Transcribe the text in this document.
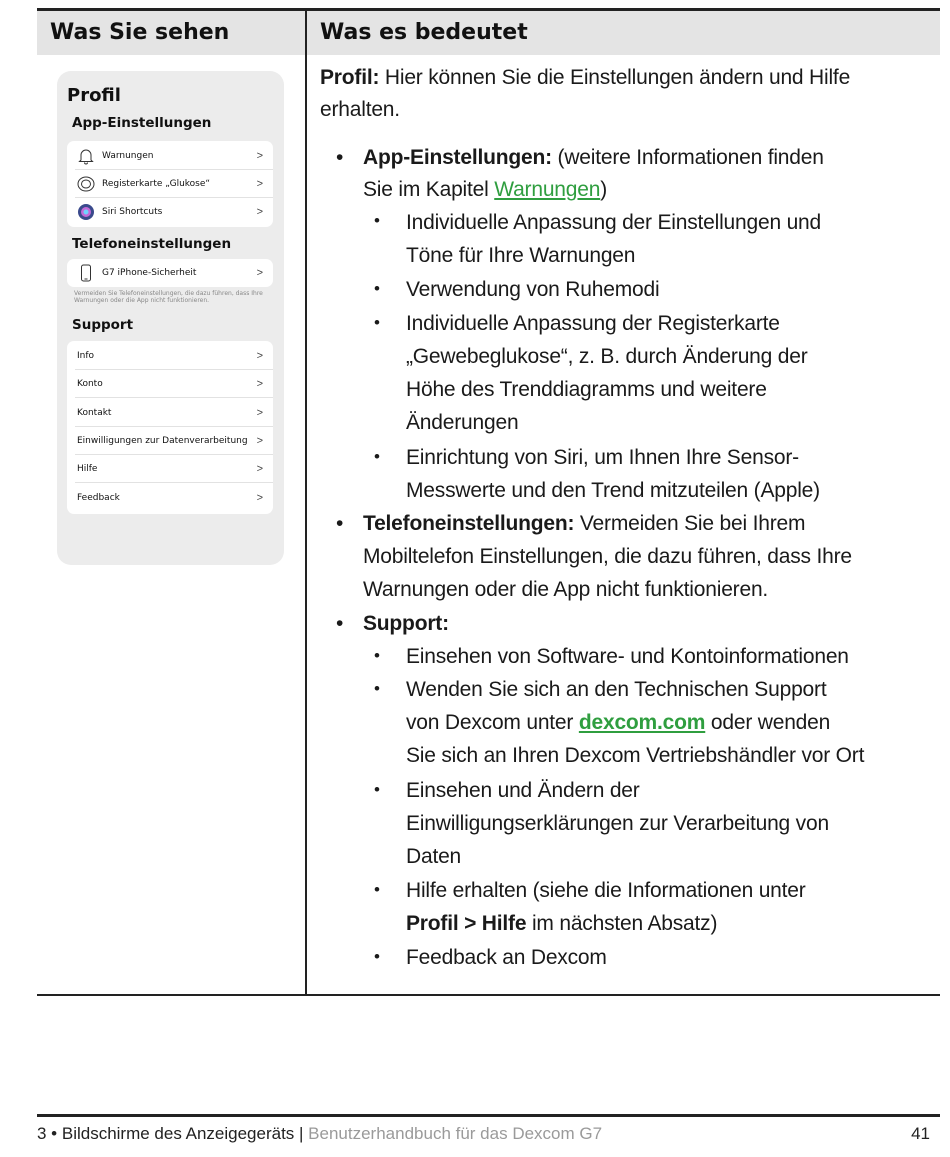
Was Sie sehen	Was es bedeutet
Profil
App-Einstellungen
Warnungen	>
Registerkarte „Glukose“	>
Siri Shortcuts	>
Telefoneinstellungen
G7 iPhone-Sicherheit	>
Vermeiden Sie Telefoneinstellungen, die dazu führen, dass Ihre Warnungen oder die App nicht funktionieren.
Support
Info	>
Konto	>
Kontakt	>
Einwilligungen zur Datenverarbeitung >
Hilfe	>
Feedback	>
Profil: Hier können Sie die Einstellungen ändern und Hilfe
erhalten.
• App-Einstellungen: (weitere Informationen finden
Sie im Kapitel Warnungen)
• Individuelle Anpassung der Einstellungen und
Töne für Ihre Warnungen
• Verwendung von Ruhemodi
• Individuelle Anpassung der Registerkarte
„Gewebeglukose“, z. B. durch Änderung der
Höhe des Trenddiagramms und weitere
Änderungen
• Einrichtung von Siri, um Ihnen Ihre Sensor-
Messwerte und den Trend mitzuteilen (Apple)
• Telefoneinstellungen: Vermeiden Sie bei Ihrem
Mobiltelefon Einstellungen, die dazu führen, dass Ihre
Warnungen oder die App nicht funktionieren.
• Support:
• Einsehen von Software- und Kontoinformationen
• Wenden Sie sich an den Technischen Support
von Dexcom unter dexcom.com oder wenden
Sie sich an Ihren Dexcom Vertriebshändler vor Ort
• Einsehen und Ändern der
Einwilligungserklärungen zur Verarbeitung von
Daten
• Hilfe erhalten (siehe die Informationen unter
Profil > Hilfe im nächsten Absatz)
• Feedback an Dexcom
3 • Bildschirme des Anzeigegeräts | Benutzerhandbuch für das Dexcom G7	41
